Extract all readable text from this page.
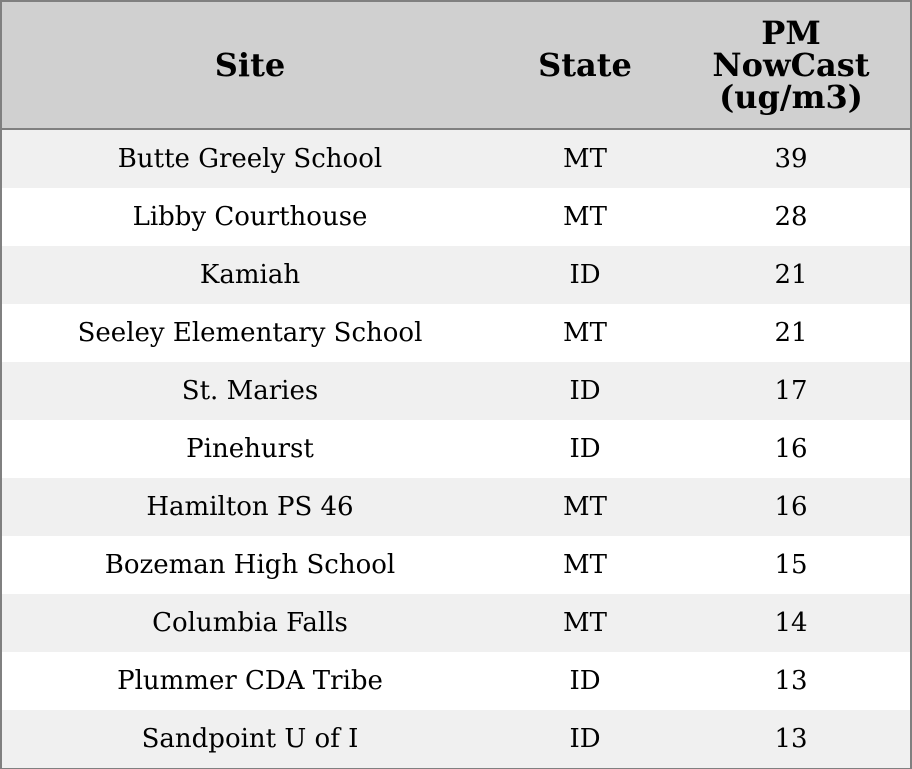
Site	State	PM
NowCast
(ug/m3)

Butte Greely School	MT	39
Libby Courthouse	MT	28
Kamiah	ID	21
Seeley Elementary School	MT	21
St. Maries	ID	17
Pinehurst	ID	16
Hamilton PS 46	MT	16
Bozeman High School	MT	15
Columbia Falls	MT	14
Plummer CDA Tribe	ID	13
Sandpoint U of I	ID	13
